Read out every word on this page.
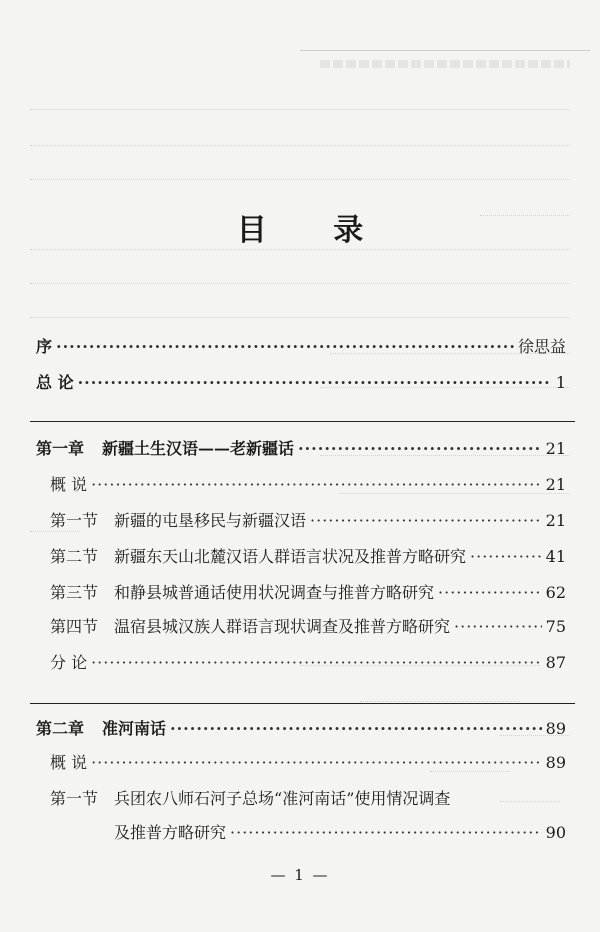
目 录
序 ·····	徐思益
总 论 ·····	1
第一章 新疆土生汉语——老新疆话 ·····	21
概 说 ·····	21
第一节 新疆的屯垦移民与新疆汉语 ·····	21
第二节 新疆东天山北麓汉语人群语言状况及推普方略研究 ·····	41
第三节 和静县城普通话使用状况调查与推普方略研究 ·····	62
第四节 温宿县城汉族人群语言现状调查及推普方略研究 ·····	75
分 论 ·····	87
第二章 准河南话 ·····	89
概 说 ·····	89
第一节 兵团农八师石河子总场“准河南话”使用情况调查
及推普方略研究 ·····	90
— 1 —
